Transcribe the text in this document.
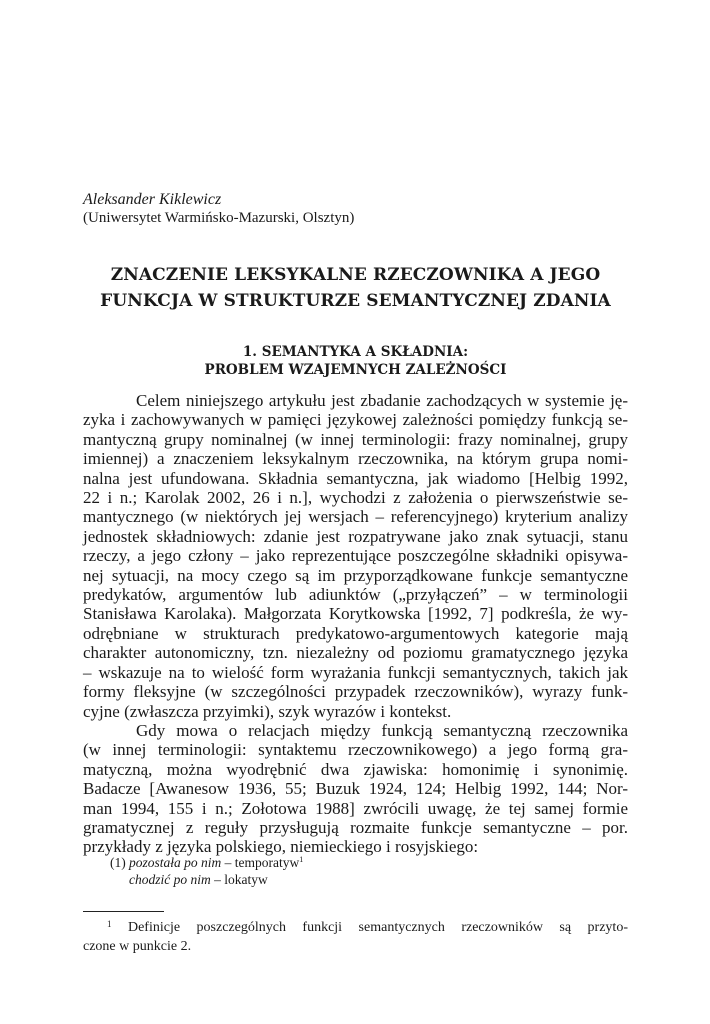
Aleksander Kiklewicz

(Uniwersytet Warmińsko-Mazurski, Olsztyn)

ZNACZENIE LEKSYKALNE RZECZOWNIKA A JEGO
FUNKCJA W STRUKTURZE SEMANTYCZNEJ ZDANIA
1. SEMANTYKA A SKŁADNIA:
PROBLEM WZAJEMNYCH ZALEŻNOŚCI

Celem niniejszego artykułu jest zbadanie zachodzących w systemie ję-
zyka i zachowywanych w pamięci językowej zależności pomiędzy funkcją se-
mantyczną grupy nominalnej (w innej terminologii: frazy nominalnej, grupy
imiennej) a znaczeniem leksykalnym rzeczownika, na którym grupa nomi-
nalna jest ufundowana. Składnia semantyczna, jak wiadomo [Helbig 1992,
22 i n.; Karolak 2002, 26 i n.], wychodzi z założenia o pierwszeństwie se-
mantycznego (w niektórych jej wersjach – referencyjnego) kryterium analizy
jednostek składniowych: zdanie jest rozpatrywane jako znak sytuacji, stanu
rzeczy, a jego człony – jako reprezentujące poszczególne składniki opisywa-
nej sytuacji, na mocy czego są im przyporządkowane funkcje semantyczne
predykatów, argumentów lub adiunktów („przyłączeń” – w terminologii
Stanisława Karolaka). Małgorzata Korytkowska [1992, 7] podkreśla, że wy-
odrębniane w strukturach predykatowo-argumentowych kategorie mają
charakter autonomiczny, tzn. niezależny od poziomu gramatycznego języka
– wskazuje na to wielość form wyrażania funkcji semantycznych, takich jak
formy fleksyjne (w szczególności przypadek rzeczowników), wyrazy funk-
cyjne (zwłaszcza przyimki), szyk wyrazów i kontekst.

Gdy mowa o relacjach między funkcją semantyczną rzeczownika
(w innej terminologii: syntaktemu rzeczownikowego) a jego formą gra-
matyczną, można wyodrębnić dwa zjawiska: homonimię i synonimię.
Badacze [Awanesow 1936, 55; Buzuk 1924, 124; Helbig 1992, 144; Nor-
man 1994, 155 i n.; Zołotowa 1988] zwrócili uwagę, że tej samej formie
gramatycznej z reguły przysługują rozmaite funkcje semantyczne – por.
przykłady z języka polskiego, niemieckiego i rosyjskiego:

(1) pozostała po nim – temporatyw$^1$
chodzić po nim – lokatyw
$^1$ Definicje poszczególnych funkcji semantycznych rzeczowników są przyto-
czone w punkcie 2.
